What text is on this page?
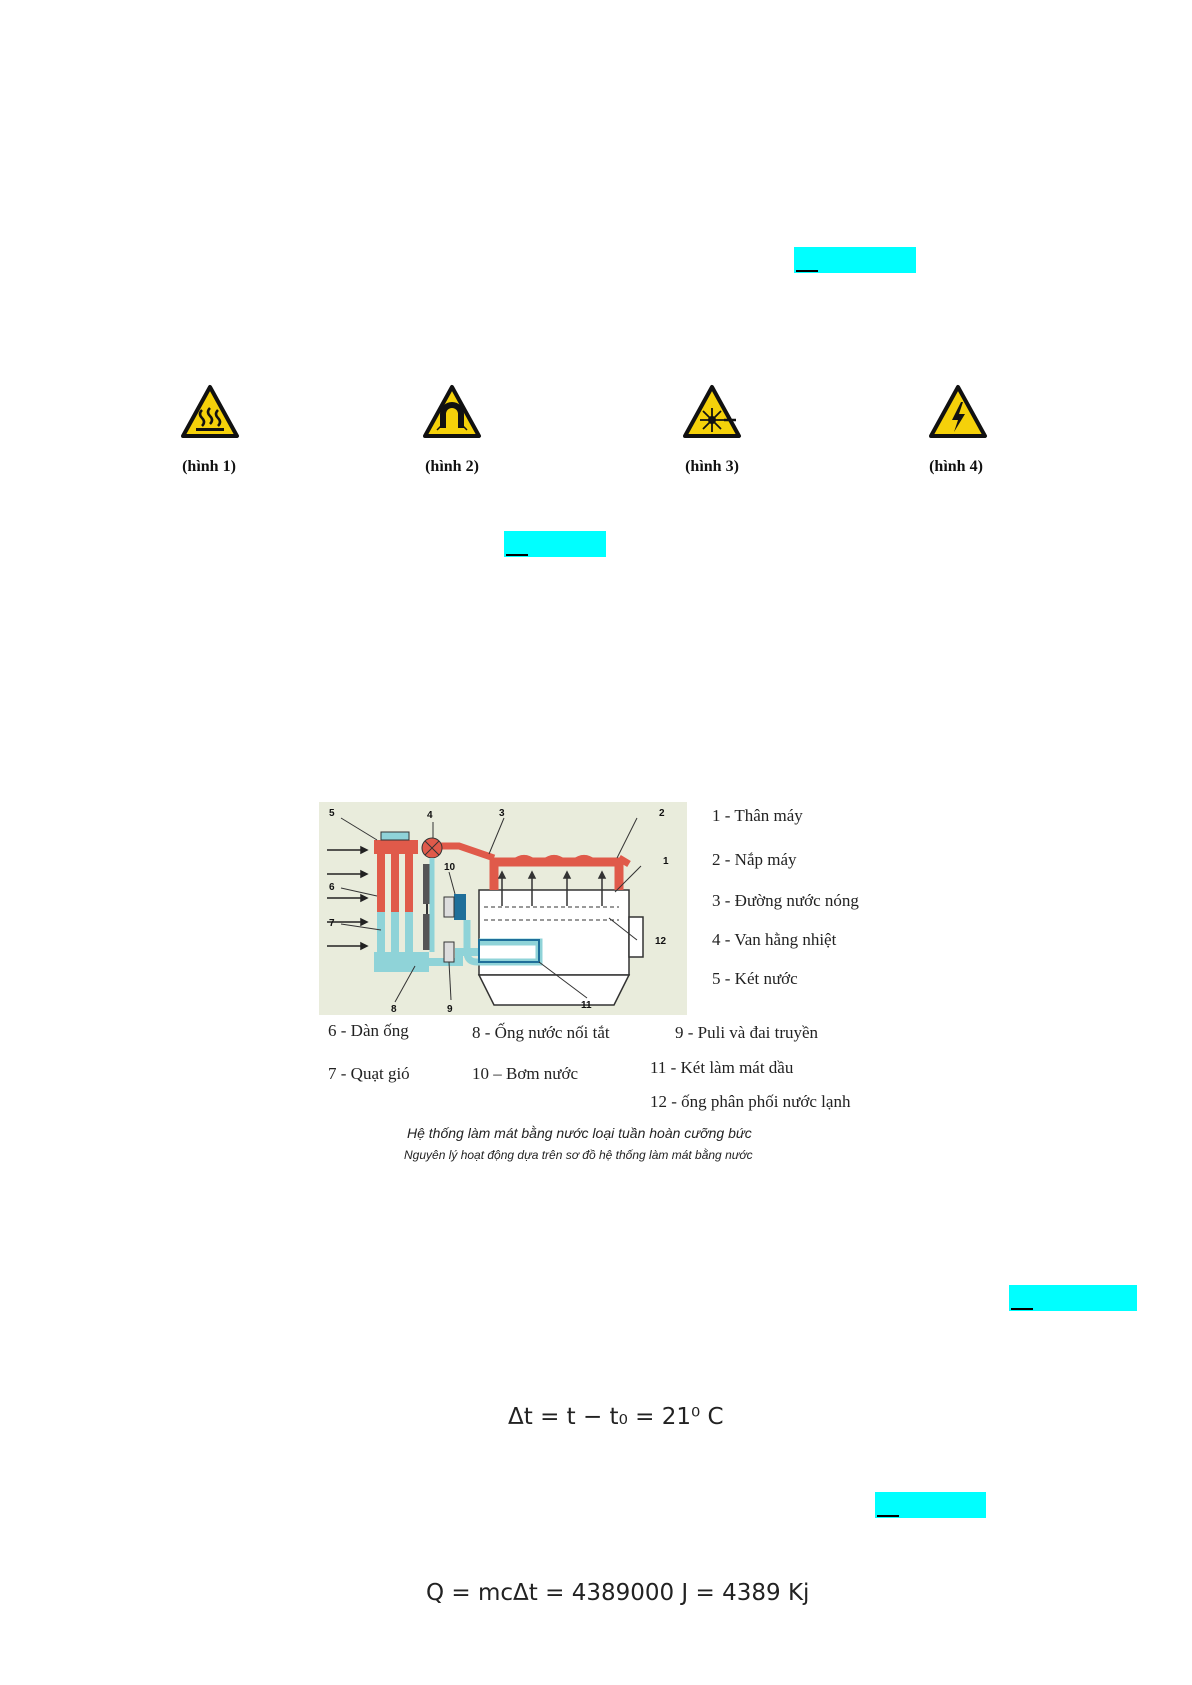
(hình 1)	(hình 2)	(hình 3)	(hình 4)
5	4	3	2
1
10
6
7
12
8	9	11
1 - Thân máy
2 - Nắp máy
3 - Đường nước nóng
4 - Van hằng nhiệt
5 - Két nước
6 - Dàn ống	8 - Ống nước nối tắt	9 - Puli và đai truyền
7 - Quạt gió	10 – Bơm nước	11 - Két làm mát dầu
12 - ống phân phối nước lạnh
Hệ thống làm mát bằng nước loại tuần hoàn cưỡng bức
Nguyên lý hoạt động dựa trên sơ đồ hệ thống làm mát bằng nước
Δt = t − t₀ = 21⁰ C
Q = mcΔt = 4389000 J = 4389 Kj
